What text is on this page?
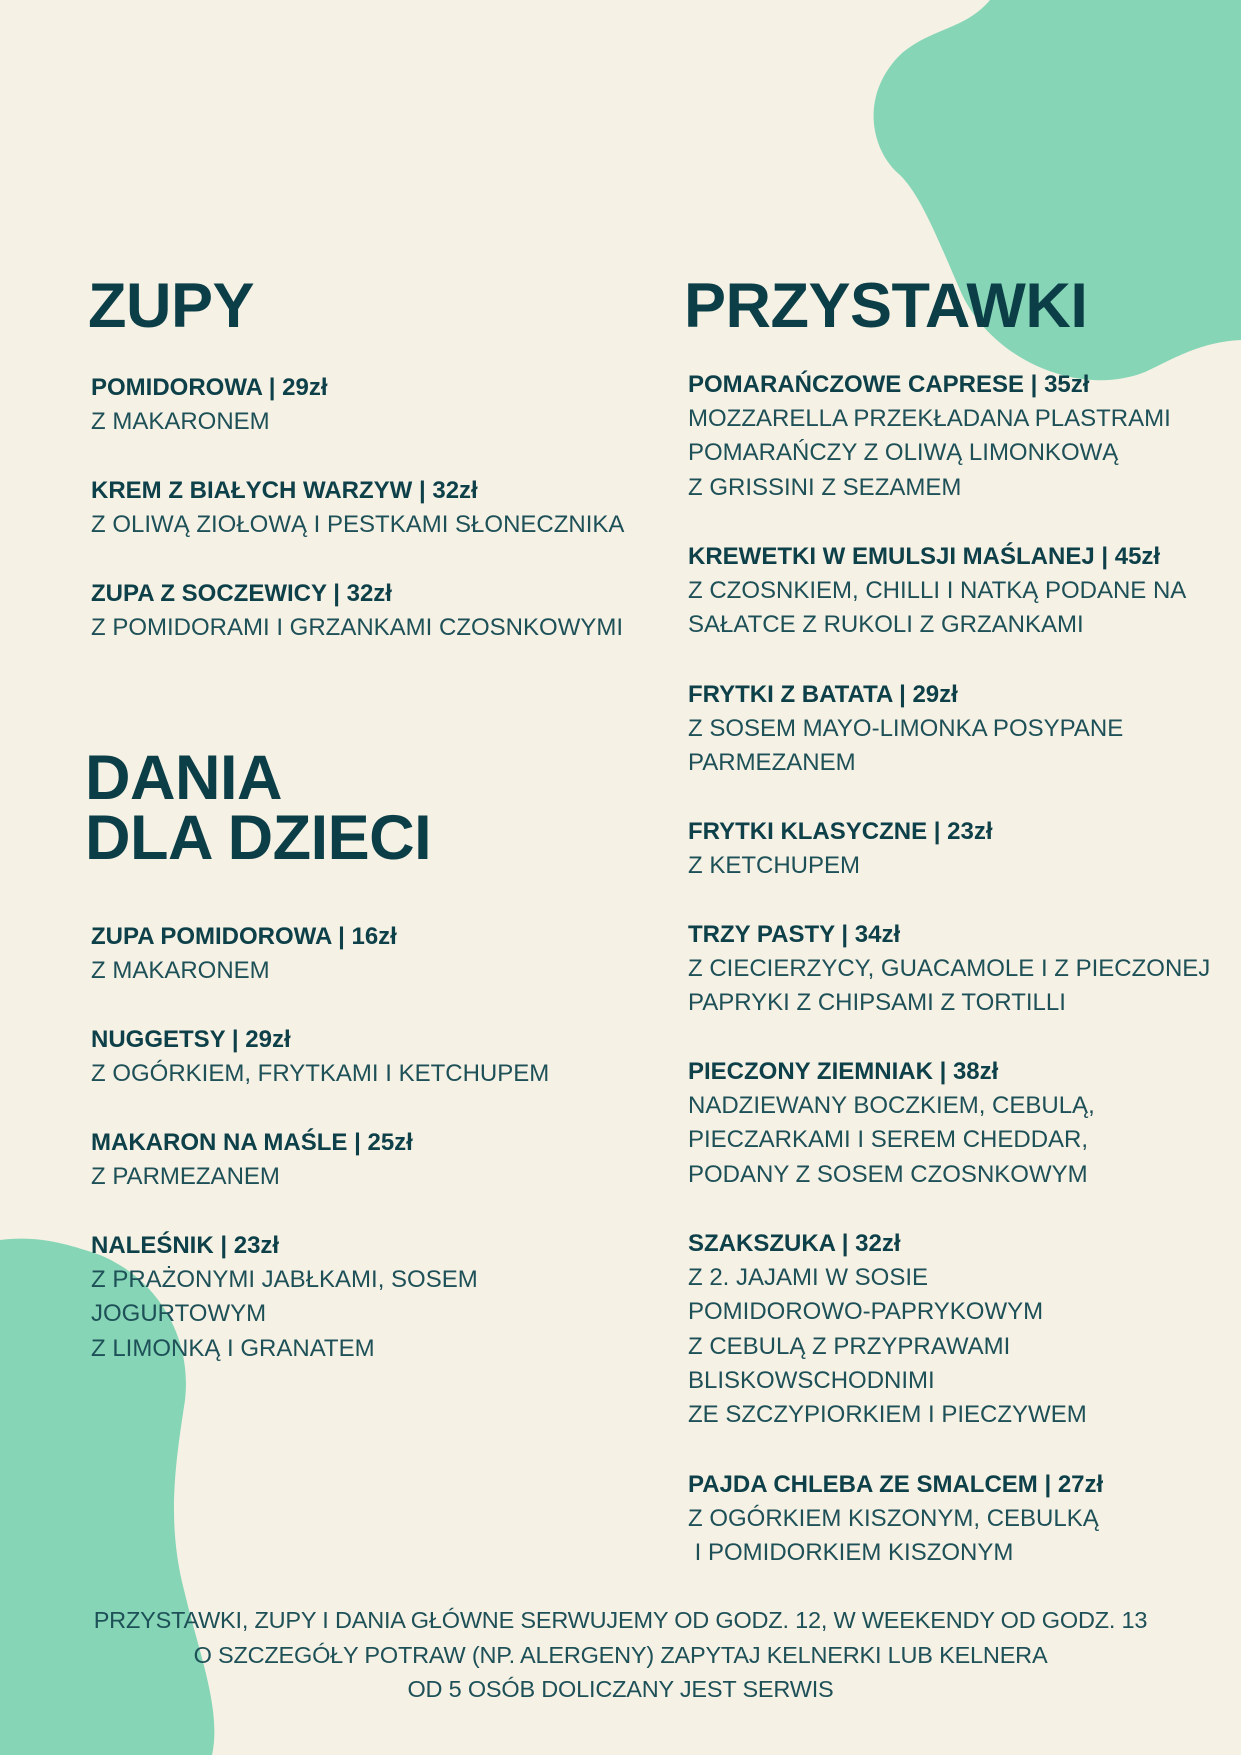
ZUPY	PRZYSTAWKI
DANIA
DLA DZIECI
POMIDOROWA | 29zł
Z MAKARONEM
KREM Z BIAŁYCH WARZYW | 32zł
Z OLIWĄ ZIOŁOWĄ I PESTKAMI SŁONECZNIKA
ZUPA Z SOCZEWICY | 32zł
Z POMIDORAMI I GRZANKAMI CZOSNKOWYMI
ZUPA POMIDOROWA | 16zł
Z MAKARONEM
NUGGETSY | 29zł
Z OGÓRKIEM, FRYTKAMI I KETCHUPEM
MAKARON NA MAŚLE | 25zł
Z PARMEZANEM
NALEŚNIK | 23zł
Z PRAŻONYMI JABŁKAMI, SOSEM
JOGURTOWYM
Z LIMONKĄ I GRANATEM
POMARAŃCZOWE CAPRESE | 35zł
MOZZARELLA PRZEKŁADANA PLASTRAMI
POMARAŃCZY Z OLIWĄ LIMONKOWĄ
Z GRISSINI Z SEZAMEM
KREWETKI W EMULSJI MAŚLANEJ | 45zł
Z CZOSNKIEM, CHILLI I NATKĄ PODANE NA
SAŁATCE Z RUKOLI Z GRZANKAMI
FRYTKI Z BATATA | 29zł
Z SOSEM MAYO-LIMONKA POSYPANE
PARMEZANEM
FRYTKI KLASYCZNE | 23zł
Z KETCHUPEM
TRZY PASTY | 34zł
Z CIECIERZYCY, GUACAMOLE I Z PIECZONEJ
PAPRYKI Z CHIPSAMI Z TORTILLI
PIECZONY ZIEMNIAK | 38zł
NADZIEWANY BOCZKIEM, CEBULĄ,
PIECZARKAMI I SEREM CHEDDAR,
PODANY Z SOSEM CZOSNKOWYM
SZAKSZUKA | 32zł
Z 2. JAJAMI W SOSIE
POMIDOROWO-PAPRYKOWYM
Z CEBULĄ Z PRZYPRAWAMI
BLISKOWSCHODNIMI
ZE SZCZYPIORKIEM I PIECZYWEM
PAJDA CHLEBA ZE SMALCEM | 27zł
Z OGÓRKIEM KISZONYM, CEBULKĄ
I POMIDORKIEM KISZONYM
PRZYSTAWKI, ZUPY I DANIA GŁÓWNE SERWUJEMY OD GODZ. 12, W WEEKENDY OD GODZ. 13
O SZCZEGÓŁY POTRAW (NP. ALERGENY) ZAPYTAJ KELNERKI LUB KELNERA
OD 5 OSÓB DOLICZANY JEST SERWIS
